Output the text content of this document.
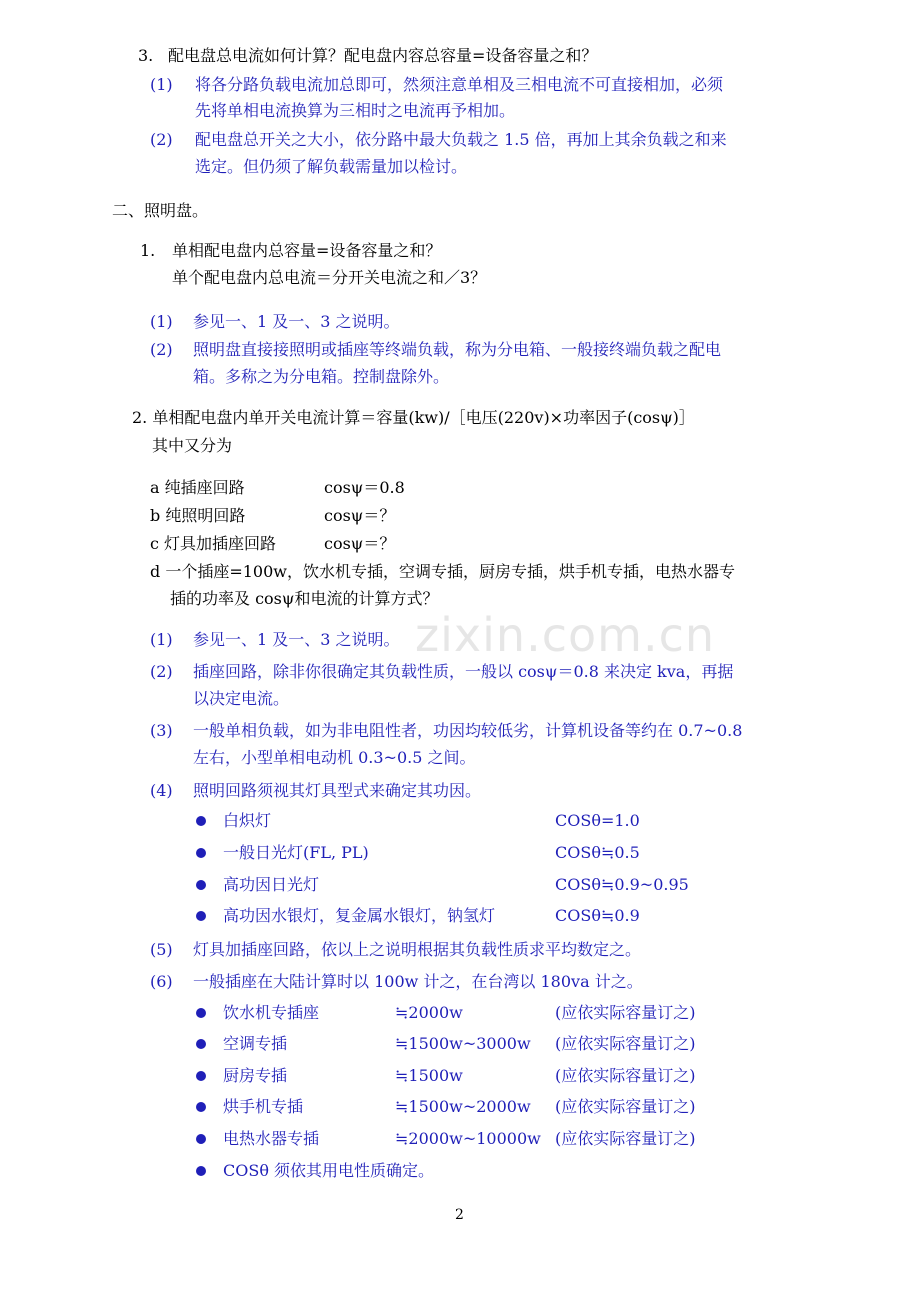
zixin.com.cn
3. 配电盘总电流如何计算？配电盘内容总容量=设备容量之和？
(1) 将各分路负载电流加总即可，然须注意单相及三相电流不可直接相加，必须
先将单相电流换算为三相时之电流再予相加。
(2) 配电盘总开关之大小，依分路中最大负载之 1.5 倍，再加上其余负载之和来
选定。但仍须了解负载需量加以检讨。
二、照明盘。
1. 单相配电盘内总容量=设备容量之和？
单个配电盘内总电流＝分开关电流之和／3？
(1) 参见一、1 及一、3 之说明。
(2) 照明盘直接接照明或插座等终端负载，称为分电箱、一般接终端负载之配电
箱。多称之为分电箱。控制盘除外。
2. 单相配电盘内单开关电流计算＝容量(kw)/［电压(220v)×功率因子(cosψ)］
其中又分为
a 纯插座回路	cosψ＝0.8
b 纯照明回路	cosψ＝？
c 灯具加插座回路	cosψ＝？
d 一个插座=100w，饮水机专插，空调专插，厨房专插，烘手机专插，电热水器专
插的功率及 cosψ和电流的计算方式？
(1) 参见一、1 及一、3 之说明。
(2) 插座回路，除非你很确定其负载性质，一般以 cosψ＝0.8 来决定 kva，再据
以决定电流。
(3) 一般单相负载，如为非电阻性者，功因均较低劣，计算机设备等约在 0.7~0.8
左右，小型单相电动机 0.3~0.5 之间。
(4) 照明回路须视其灯具型式来确定其功因。
白炽灯	COSθ=1.0
一般日光灯(FL, PL)	COSθ≒0.5
高功因日光灯	COSθ≒0.9~0.95
高功因水银灯，复金属水银灯，钠氢灯	COSθ≒0.9
(5) 灯具加插座回路，依以上之说明根据其负载性质求平均数定之。
(6) 一般插座在大陆计算时以 100w 计之，在台湾以 180va 计之。
饮水机专插座	≒2000w	(应依实际容量订之)
空调专插	≒1500w~3000w (应依实际容量订之)
厨房专插	≒1500w	(应依实际容量订之)
烘手机专插	≒1500w~2000w (应依实际容量订之)
电热水器专插	≒2000w~10000w (应依实际容量订之)
COSθ 须依其用电性质确定。
2
